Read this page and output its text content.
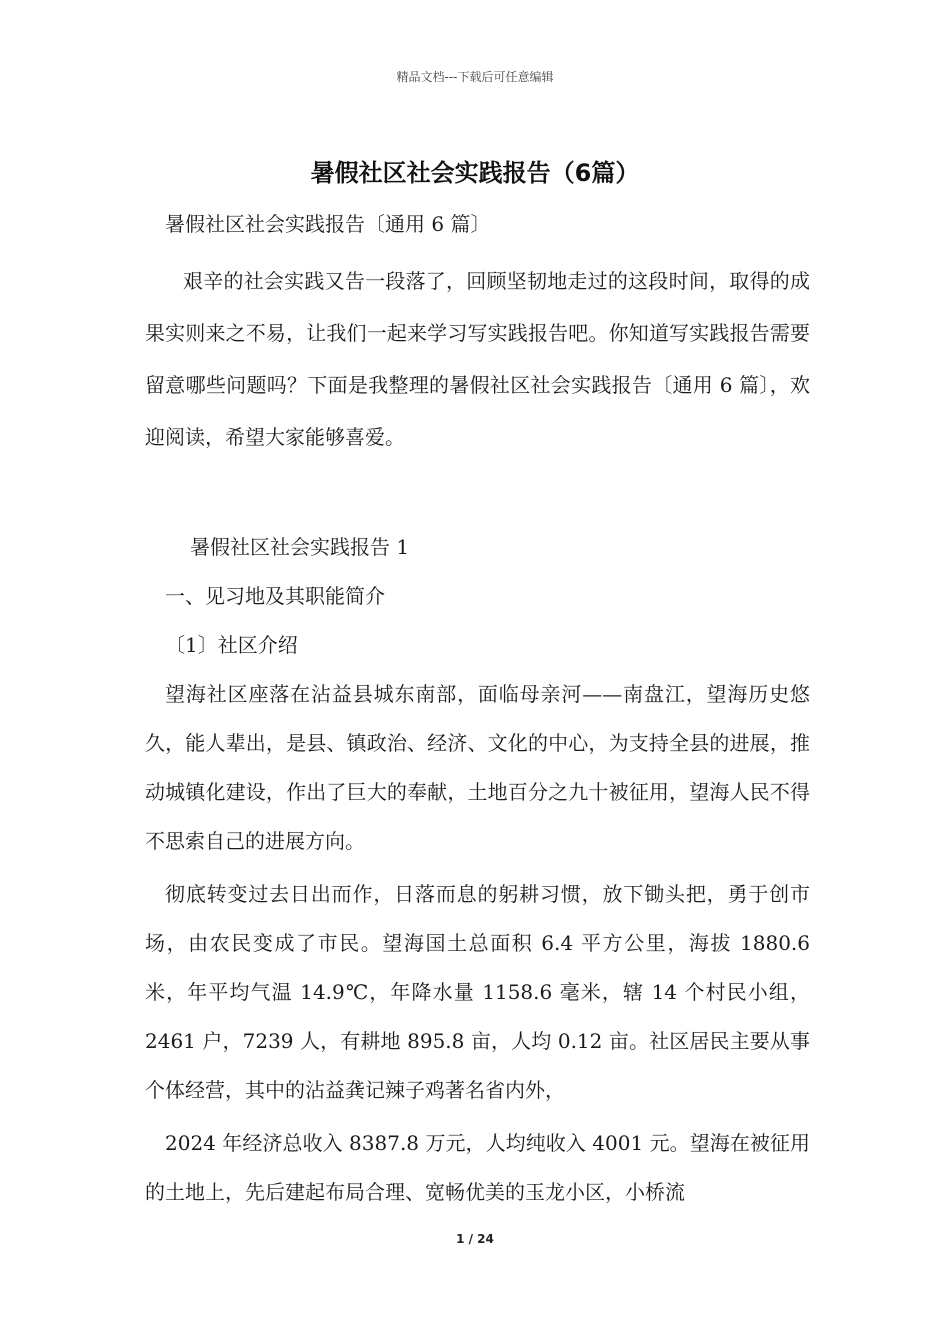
精品文档---下载后可任意编辑
暑假社区社会实践报告（6篇）

暑假社区社会实践报告〔通用 6 篇〕

艰辛的社会实践又告一段落了，回顾坚韧地走过的这段时间，取得的成果实则来之不易，让我们一起来学习写实践报告吧。你知道写实践报告需要留意哪些问题吗？下面是我整理的暑假社区社会实践报告〔通用 6 篇〕，欢迎阅读，希望大家能够喜爱。

暑假社区社会实践报告 1

一、见习地及其职能简介

〔1〕社区介绍

望海社区座落在沾益县城东南部，面临母亲河——南盘江，望海历史悠久，能人辈出，是县、镇政治、经济、文化的中心，为支持全县的进展，推动城镇化建设，作出了巨大的奉献，土地百分之九十被征用，望海人民不得不思索自己的进展方向。

彻底转变过去日出而作，日落而息的躬耕习惯，放下锄头把，勇于创市场，由农民变成了市民。望海国土总面积 6.4 平方公里，海拔 1880.6 米，年平均气温 14.9℃，年降水量 1158.6 毫米，辖 14 个村民小组，2461 户，7239 人，有耕地 895.8 亩，人均 0.12 亩。社区居民主要从事个体经营，其中的沾益龚记辣子鸡著名省内外，

2024 年经济总收入 8387.8 万元，人均纯收入 4001 元。望海在被征用的土地上，先后建起布局合理、宽畅优美的玉龙小区，小桥流

1 / 24
